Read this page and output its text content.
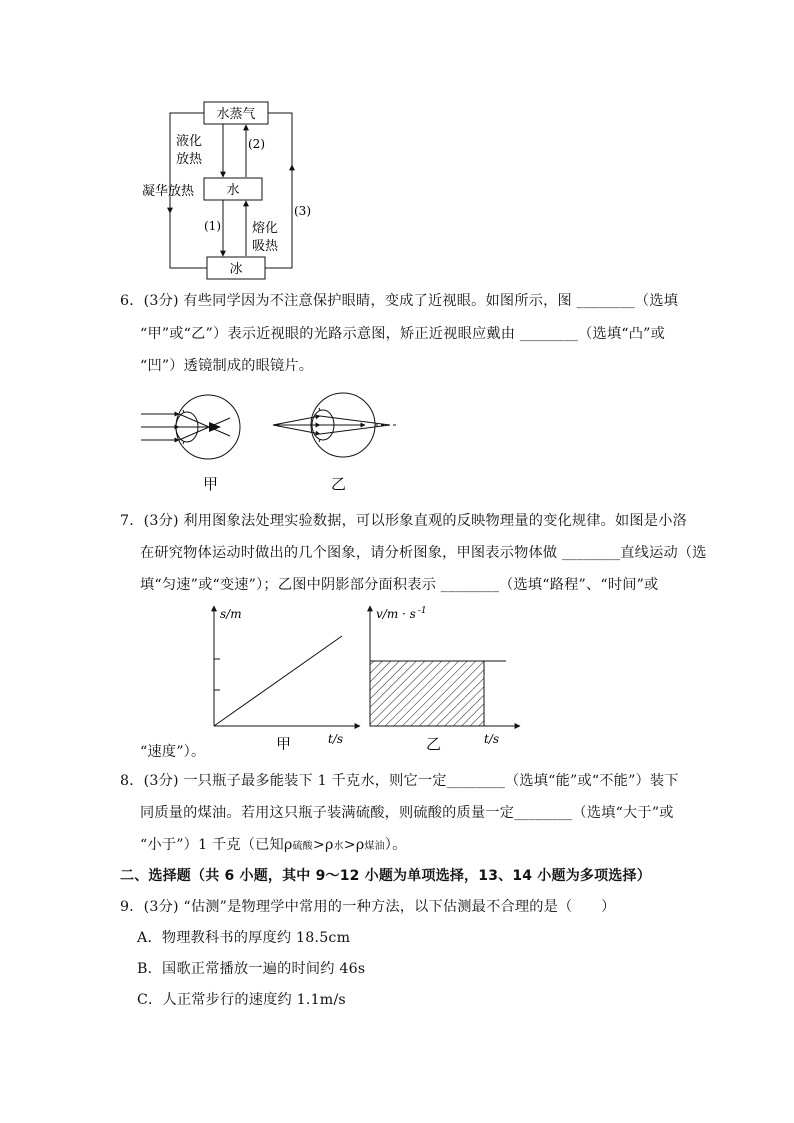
水蒸气
水
冰
液化
放热
(2)
凝华放热
(1) 熔化
吸热
(3)
6．(3分) 有些同学因为不注意保护眼睛，变成了近视眼。如图所示，图 ________（选填
“甲”或“乙”）表示近视眼的光路示意图，矫正近视眼应戴由 ________（选填“凸”或
“凹”）透镜制成的眼镜片。
甲	乙
7．(3分) 利用图象法处理实验数据，可以形象直观的反映物理量的变化规律。如图是小洛
在研究物体运动时做出的几个图象，请分析图象，甲图表示物体做 ________直线运动（选
填“匀速”或“变速”）；乙图中阴影部分面积表示 ________（选填“路程”、“时间”或
s/m
t/s
甲
v/m · s $^{-1}$
t/s
乙
“速度”）。
8．(3分) 一只瓶子最多能装下 1 千克水，则它一定________（选填“能”或“不能”）装下
同质量的煤油。若用这只瓶子装满硫酸，则硫酸的质量一定________（选填“大于”或
“小于”）1 千克（已知ρ硫酸>ρ水>ρ煤油）。
二、选择题（共 6 小题，其中 9～12 小题为单项选择，13、14 小题为多项选择）
9．(3分) “估测”是物理学中常用的一种方法，以下估测最不合理的是（　　）
A．物理教科书的厚度约 18.5cm
B．国歌正常播放一遍的时间约 46s
C．人正常步行的速度约 1.1m/s
